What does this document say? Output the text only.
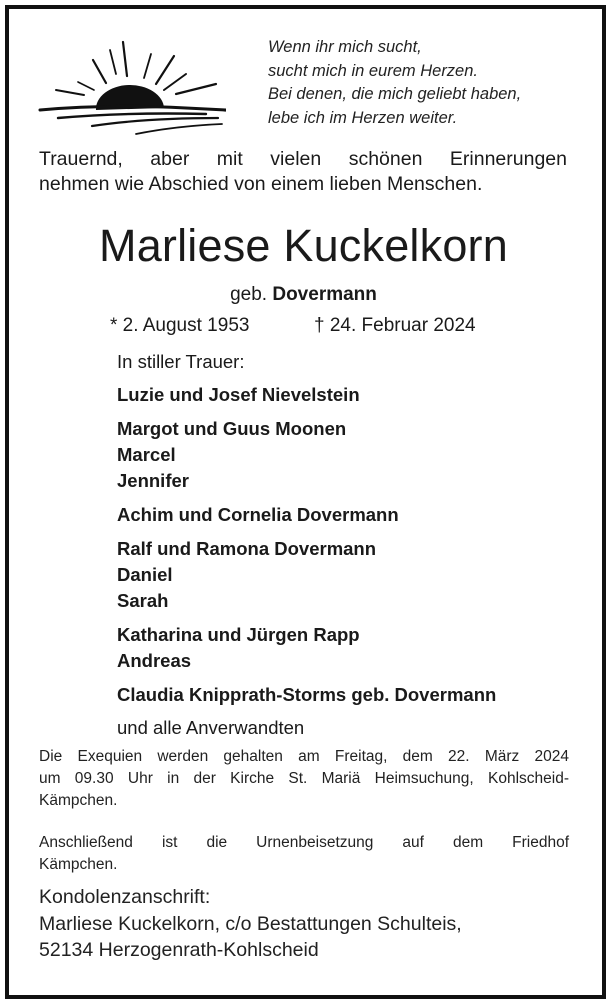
Wenn ihr mich sucht,
sucht mich in eurem Herzen.
Bei denen, die mich geliebt haben,
lebe ich im Herzen weiter.
Trauernd, aber mit vielen schönen Erinnerungen
nehmen wie Abschied von einem lieben Menschen.
Marliese Kuckelkorn
geb. Dovermann
* 2. August 1953	† 24. Februar 2024
In stiller Trauer:
Luzie und Josef Nievelstein
Margot und Guus Moonen
Marcel
Jennifer
Achim und Cornelia Dovermann
Ralf und Ramona Dovermann
Daniel
Sarah
Katharina und Jürgen Rapp
Andreas
Claudia Knipprath-Storms geb. Dovermann
und alle Anverwandten
Die Exequien werden gehalten am Freitag, dem 22. März 2024
um 09.30 Uhr in der Kirche St. Mariä Heimsuchung, Kohlscheid-
Kämpchen.
Anschließend ist die Urnenbeisetzung auf dem Friedhof
Kämpchen.
Kondolenzanschrift:
Marliese Kuckelkorn, c/o Bestattungen Schulteis,
52134 Herzogenrath-Kohlscheid
